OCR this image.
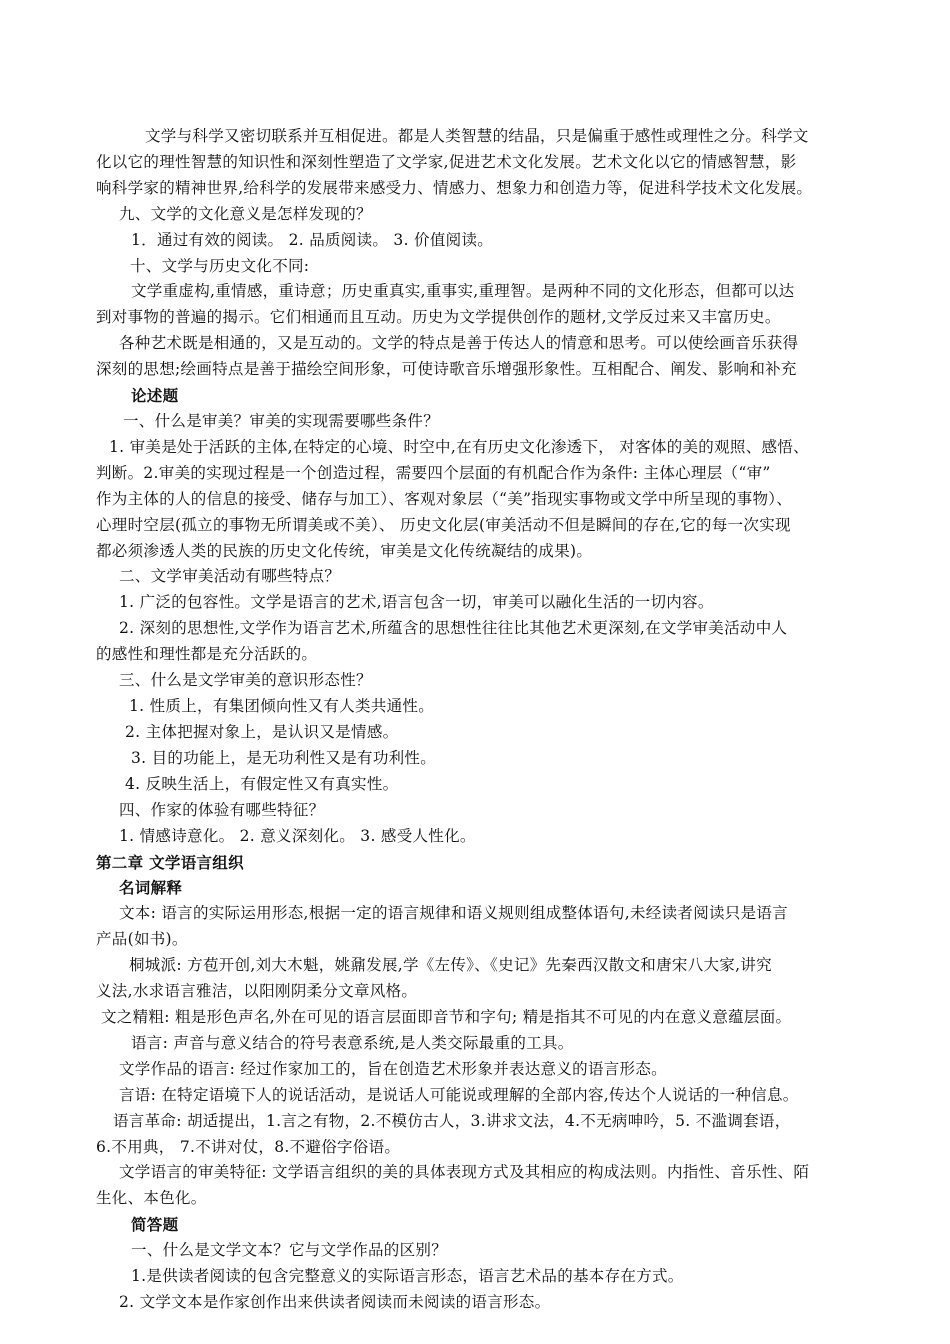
文学与科学又密切联系并互相促进。都是人类智慧的结晶，只是偏重于感性或理性之分。科学文
化以它的理性智慧的知识性和深刻性塑造了文学家,促进艺术文化发展。艺术文化以它的情感智慧，影
响科学家的精神世界,给科学的发展带来感受力、情感力、想象力和创造力等，促进科学技术文化发展。
九、文学的文化意义是怎样发现的？
1．通过有效的阅读。 2. 品质阅读。 3. 价值阅读。
十、文学与历史文化不同:
文学重虚构,重情感，重诗意；历史重真实,重事实,重理智。是两种不同的文化形态，但都可以达
到对事物的普遍的揭示。它们相通而且互动。历史为文学提供创作的题材,文学反过来又丰富历史。
各种艺术既是相通的，又是互动的。文学的特点是善于传达人的情意和思考。可以使绘画音乐获得
深刻的思想;绘画特点是善于描绘空间形象，可使诗歌音乐增强形象性。互相配合、阐发、影响和补充
论述题
一、什么是审美？审美的实现需要哪些条件？
1. 审美是处于活跃的主体,在特定的心境、时空中,在有历史文化渗透下， 对客体的美的观照、感悟、
判断。2.审美的实现过程是一个创造过程，需要四个层面的有机配合作为条件: 主体心理层（“审”
作为主体的人的信息的接受、储存与加工）、客观对象层（“美”指现实事物或文学中所呈现的事物）、
心理时空层(孤立的事物无所谓美或不美）、 历史文化层(审美活动不但是瞬间的存在,它的每一次实现
都必须渗透人类的民族的历史文化传统，审美是文化传统凝结的成果)。
二、文学审美活动有哪些特点？
1. 广泛的包容性。文学是语言的艺术,语言包含一切，审美可以融化生活的一切内容。
2. 深刻的思想性,文学作为语言艺术,所蕴含的思想性往往比其他艺术更深刻,在文学审美活动中人
的感性和理性都是充分活跃的。
三、什么是文学审美的意识形态性？
1. 性质上，有集团倾向性又有人类共通性。
2. 主体把握对象上，是认识又是情感。
3. 目的功能上，是无功利性又是有功利性。
4. 反映生活上，有假定性又有真实性。
四、作家的体验有哪些特征？
1. 情感诗意化。 2. 意义深刻化。 3. 感受人性化。
第二章 文学语言组织
名词解释
文本: 语言的实际运用形态,根据一定的语言规律和语义规则组成整体语句,未经读者阅读只是语言
产品(如书)。
桐城派: 方苞开创,刘大木魁，姚鼐发展,学《左传》、《史记》先秦西汉散文和唐宋八大家,讲究
义法,水求语言雅洁，以阳刚阴柔分文章风格。
文之精粗: 粗是形色声名,外在可见的语言层面即音节和字句; 精是指其不可见的内在意义意蕴层面。
语言: 声音与意义结合的符号表意系统,是人类交际最重的工具。
文学作品的语言: 经过作家加工的，旨在创造艺术形象并表达意义的语言形态。
言语: 在特定语境下人的说话活动，是说话人可能说或理解的全部内容,传达个人说话的一种信息。
语言革命: 胡适提出，1.言之有物，2.不模仿古人，3.讲求文法，4.不无病呻吟，5. 不滥调套语，
6.不用典， 7.不讲对仗，8.不避俗字俗语。
文学语言的审美特征: 文学语言组织的美的具体表现方式及其相应的构成法则。内指性、音乐性、陌
生化、本色化。
简答题
一、什么是文学文本？它与文学作品的区别？
1.是供读者阅读的包含完整意义的实际语言形态，语言艺术品的基本存在方式。
2. 文学文本是作家创作出来供读者阅读而未阅读的语言形态。
